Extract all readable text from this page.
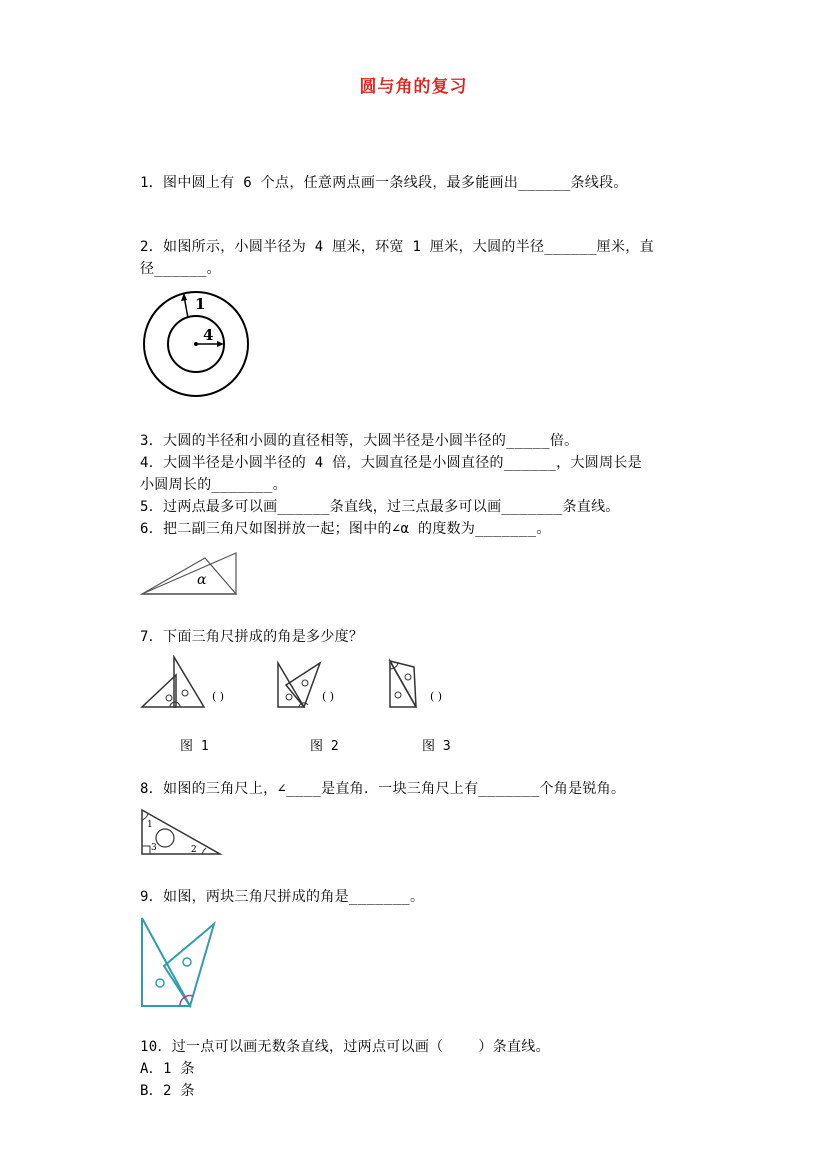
圆与角的复习
1．图中圆上有 6 个点，任意两点画一条线段，最多能画出______条线段。
2．如图所示，小圆半径为 4 厘米，环宽 1 厘米，大圆的半径______厘米，直
径______。
1
4
3．大圆的半径和小圆的直径相等，大圆半径是小圆半径的_____倍。
4．大圆半径是小圆半径的 4 倍，大圆直径是小圆直径的______，大圆周长是
小圆周长的_______。
5．过两点最多可以画______条直线，过三点最多可以画_______条直线。
6．把二副三角尺如图拼放一起；图中的∠α 的度数为_______。
α
7．下面三角尺拼成的角是多少度？
( )	( )	( )
图 1	图 2	图 3
8．如图的三角尺上，∠____是直角．一块三角尺上有_______个角是锐角。
1
3	2
9．如图，两块三角尺拼成的角是_______。
10．过一点可以画无数条直线，过两点可以画（    ）条直线。
A．1 条
B．2 条
